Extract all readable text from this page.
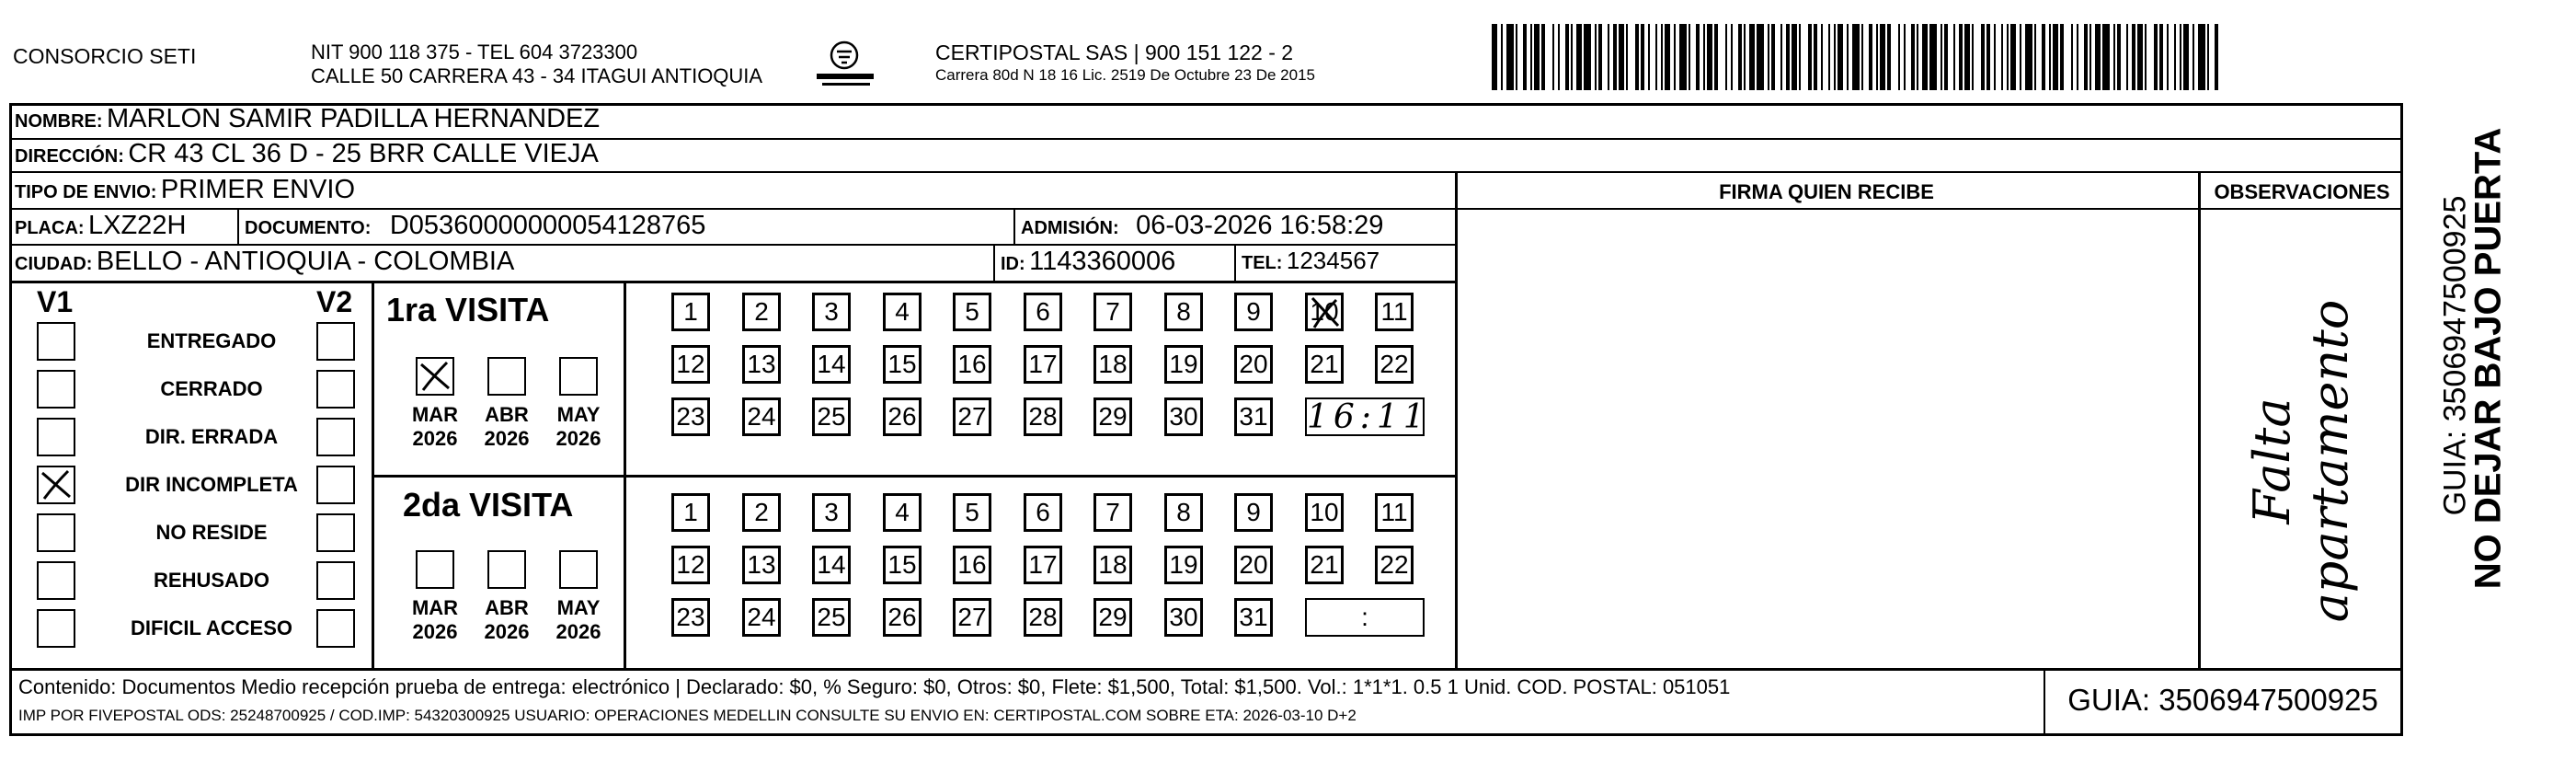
CONSORCIO SETI	NIT 900 118 375 - TEL 604 3723300
CALLE 50 CARRERA 43 - 34 ITAGUI ANTIOQUIA
CERTIPOSTAL SAS | 900 151 122 - 2
Carrera 80d N 18 16 Lic. 2519 De Octubre 23 De 2015
NO DEJAR BAJO PUERTA
GUIA: 3506947500925
NOMBRE: MARLON SAMIR PADILLA HERNANDEZ
DIRECCIÓN: CR 43 CL 36 D - 25 BRR CALLE VIEJA
TIPO DE ENVIO: PRIMER ENVIO
PLACA: LXZ22H	DOCUMENTO: D05360000000054128765	ADMISIÓN: 06-03-2026 16:58:29
CIUDAD: BELLO - ANTIOQUIA - COLOMBIA	ID: 1143360006	TEL: 1234567
FIRMA QUIEN RECIBE	OBSERVACIONES
Falta apartamento
V1	V2 1ra VISITA
2da VISITA
Contenido: Documentos Medio recepción prueba de entrega: electrónico | Declarado: $0, % Seguro: $0, Otros: $0, Flete: $1,500, Total: $1,500. Vol.: 1*1*1. 0.5 1 Unid. COD. POSTAL: 051051
IMP POR FIVEPOSTAL ODS: 25248700925 / COD.IMP: 54320300925 USUARIO: OPERACIONES MEDELLIN CONSULTE SU ENVIO EN: CERTIPOSTAL.COM SOBRE ETA: 2026-03-10 D+2	GUIA: 3506947500925
ENTREGADO
CERRADO
DIR. ERRADA
DIR INCOMPLETA
NO RESIDE
REHUSADO
DIFICIL ACCESO
MAR
2026
ABR
2026
MAY
2026
MAR
2026
ABR
2026
MAY
2026
1	2	3	4	5	6	7	8	9	10 11
12 13 14 15 16 17 18 19 20 21 22
23 24 25 26 27 28 29 30 31 16:11
1	2	3	4	5	6	7	8	9	10 11
12 13 14 15 16 17 18 19 20 21 22
23 24 25 26 27 28 29 30 31	:
